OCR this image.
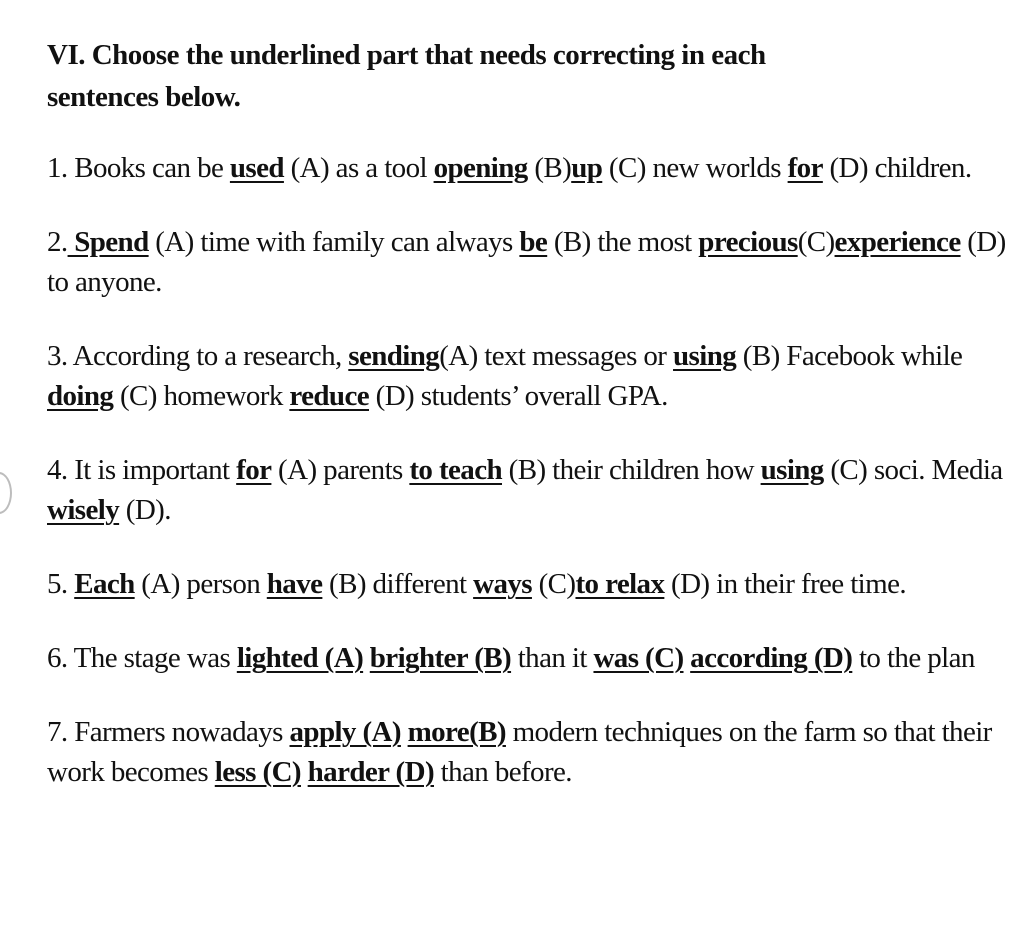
VI. Choose the underlined part that needs correcting in each
sentences below.
1. Books can be used (A) as a tool opening (B)up (C) new worlds for (D) children.
2. Spend (A) time with family can always be (B) the most precious(C)experience (D) to anyone.
3. According to a research, sending(A) text messages or using (B) Facebook while doing (C) homework reduce (D) students’ overall GPA.
4. It is important for (A) parents to teach (B) their children how using (C) soci. Media wisely (D).
5. Each (A) person have (B) different ways (C)to relax (D) in their free time.
6. The stage was lighted (A) brighter (B) than it was (C) according (D) to the plan
7. Farmers nowadays apply (A) more(B) modern techniques on the farm so that their work becomes less (C) harder (D) than before.
